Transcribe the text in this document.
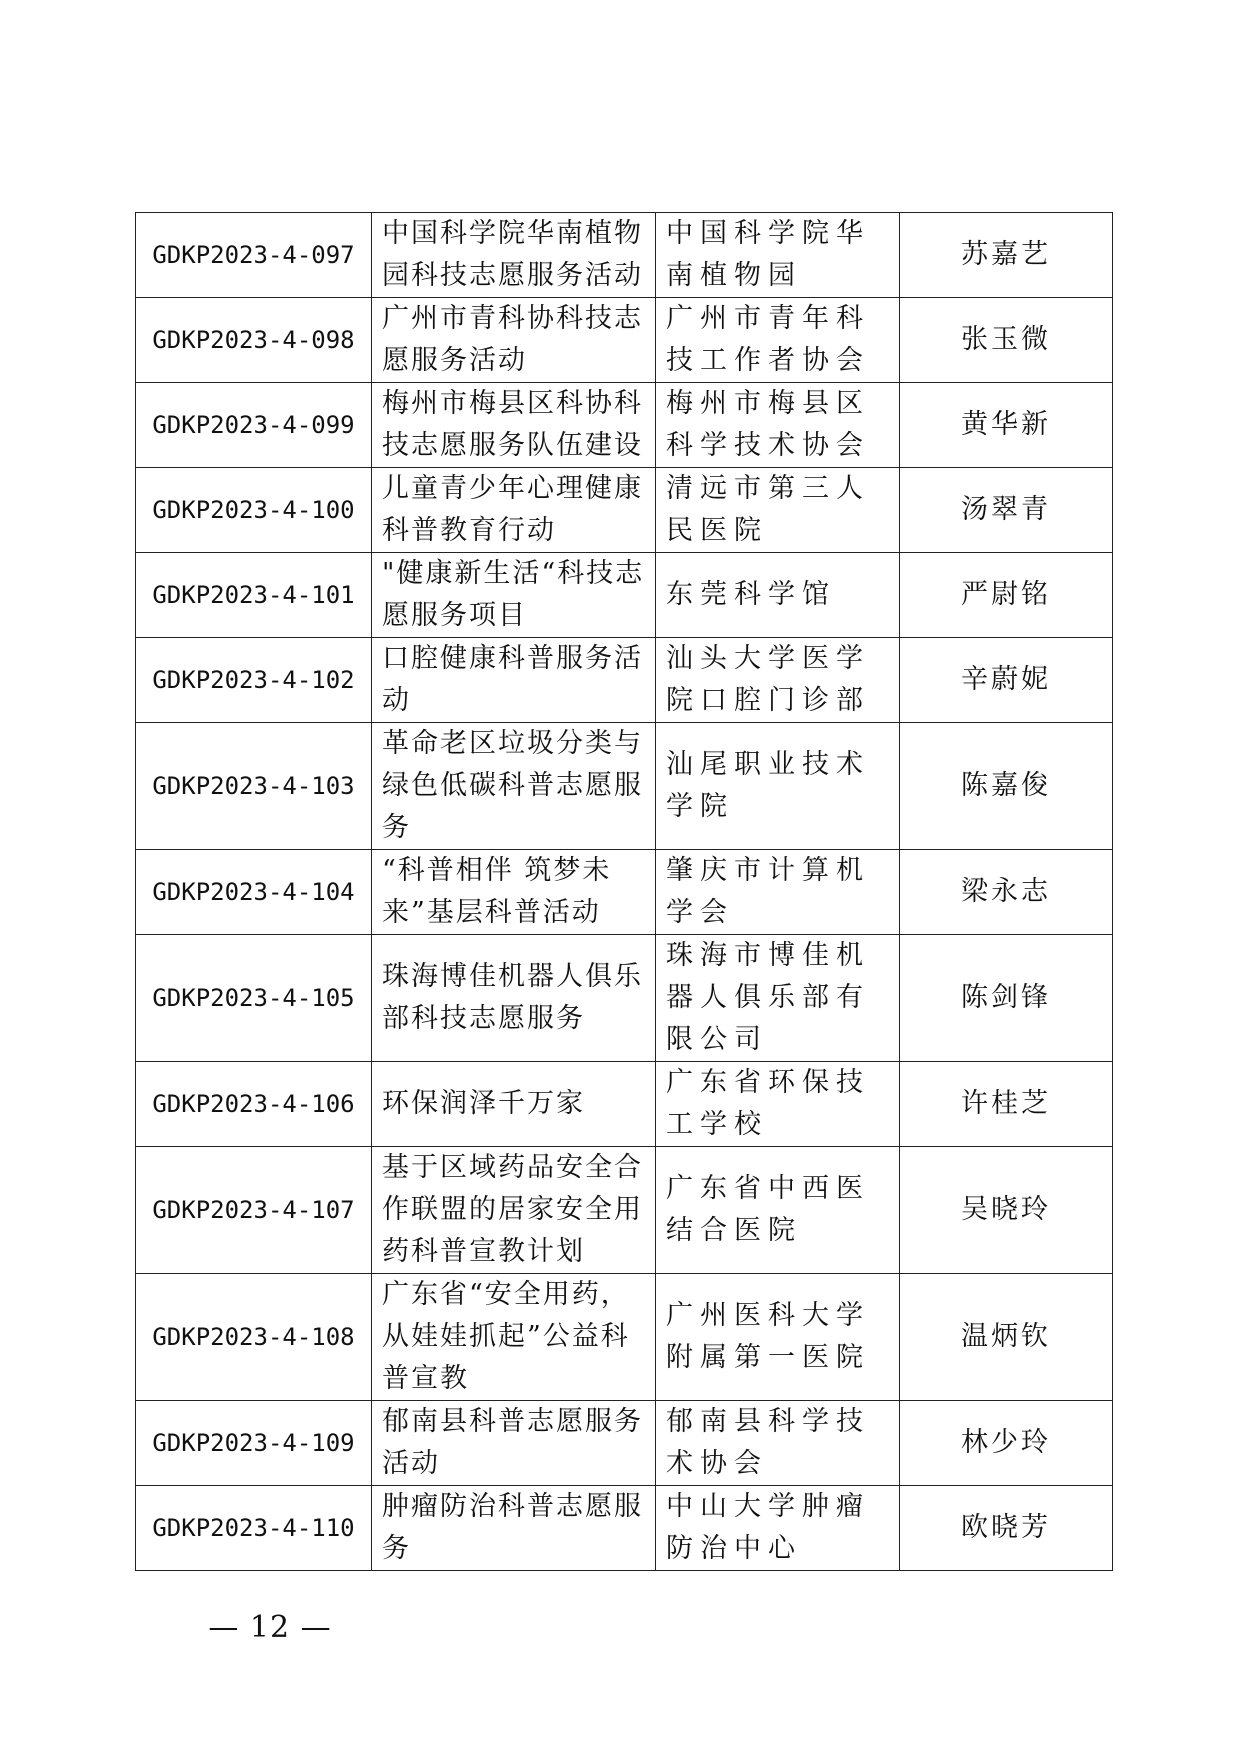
GDKP2023-4-097	中国科学院华南植物园科技志愿服务活动	中国科学院华南植物园	苏嘉艺
GDKP2023-4-098	广州市青科协科技志愿服务活动	广州市青年科技工作者协会	张玉微
GDKP2023-4-099	梅州市梅县区科协科技志愿服务队伍建设	梅州市梅县区科学技术协会	黄华新
GDKP2023-4-100	儿童青少年心理健康科普教育行动	清远市第三人民医院	汤翠青
GDKP2023-4-101	"健康新生活“科技志愿服务项目	东莞科学馆	严尉铭
GDKP2023-4-102	口腔健康科普服务活动	汕头大学医学院口腔门诊部	辛蔚妮
GDKP2023-4-103	革命老区垃圾分类与绿色低碳科普志愿服务	汕尾职业技术学院	陈嘉俊
GDKP2023-4-104	“科普相伴 筑梦未来”基层科普活动	肇庆市计算机学会	梁永志
GDKP2023-4-105	珠海博佳机器人俱乐部科技志愿服务	珠海市博佳机器人俱乐部有限公司	陈剑锋
GDKP2023-4-106	环保润泽千万家	广东省环保技工学校	许桂芝
GDKP2023-4-107	基于区域药品安全合作联盟的居家安全用药科普宣教计划	广东省中西医结合医院	吴晓玲
GDKP2023-4-108	广东省“安全用药，从娃娃抓起”公益科普宣教	广州医科大学附属第一医院	温炳钦
GDKP2023-4-109	郁南县科普志愿服务活动	郁南县科学技术协会	林少玲
GDKP2023-4-110	肿瘤防治科普志愿服务	中山大学肿瘤防治中心	欧晓芳
— 12 —
